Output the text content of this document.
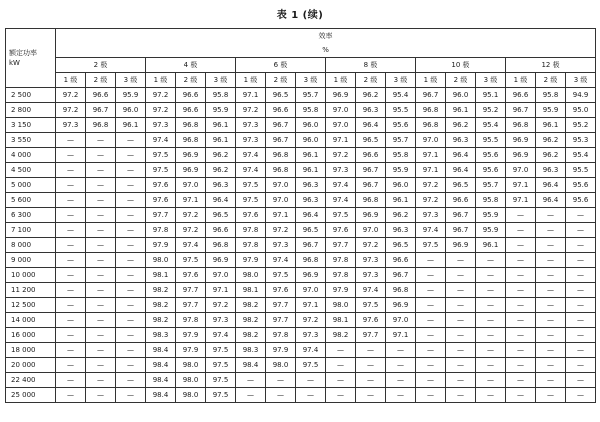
表 1 (续)
额定功率
kW	效率
%																	
	2 极			4 极			6 极			8 极			10 极			12 极		
	1 级	2 级	3 级	1 级	2 级	3 级	1 级	2 级	3 级	1 级	2 级	3 级	1 级	2 级	3 级	1 级	2 级	3 级
2 500	97.2	96.6	95.9	97.2	96.6	95.8	97.1	96.5	95.7	96.9	96.2	95.4	96.7	96.0	95.1	96.6	95.8	94.9
2 800	97.2	96.7	96.0	97.2	96.6	95.9	97.2	96.6	95.8	97.0	96.3	95.5	96.8	96.1	95.2	96.7	95.9	95.0
3 150	97.3	96.8	96.1	97.3	96.8	96.1	97.3	96.7	96.0	97.0	96.4	95.6	96.8	96.2	95.4	96.8	96.1	95.2
3 550	—	—	—	97.4	96.8	96.1	97.3	96.7	96.0	97.1	96.5	95.7	97.0	96.3	95.5	96.9	96.2	95.3
4 000	—	—	—	97.5	96.9	96.2	97.4	96.8	96.1	97.2	96.6	95.8	97.1	96.4	95.6	96.9	96.2	95.4
4 500	—	—	—	97.5	96.9	96.2	97.4	96.8	96.1	97.3	96.7	95.9	97.1	96.4	95.6	97.0	96.3	95.5
5 000	—	—	—	97.6	97.0	96.3	97.5	97.0	96.3	97.4	96.7	96.0	97.2	96.5	95.7	97.1	96.4	95.6
5 600	—	—	—	97.6	97.1	96.4	97.5	97.0	96.3	97.4	96.8	96.1	97.2	96.6	95.8	97.1	96.4	95.6
6 300	—	—	—	97.7	97.2	96.5	97.6	97.1	96.4	97.5	96.9	96.2	97.3	96.7	95.9	—	—	—
7 100	—	—	—	97.8	97.2	96.6	97.8	97.2	96.5	97.6	97.0	96.3	97.4	96.7	95.9	—	—	—
8 000	—	—	—	97.9	97.4	96.8	97.8	97.3	96.7	97.7	97.2	96.5	97.5	96.9	96.1	—	—	—
9 000	—	—	—	98.0	97.5	96.9	97.9	97.4	96.8	97.8	97.3	96.6	—	—	—	—	—	—
10 000	—	—	—	98.1	97.6	97.0	98.0	97.5	96.9	97.8	97.3	96.7	—	—	—	—	—	—
11 200	—	—	—	98.2	97.7	97.1	98.1	97.6	97.0	97.9	97.4	96.8	—	—	—	—	—	—
12 500	—	—	—	98.2	97.7	97.2	98.2	97.7	97.1	98.0	97.5	96.9	—	—	—	—	—	—
14 000	—	—	—	98.2	97.8	97.3	98.2	97.7	97.2	98.1	97.6	97.0	—	—	—	—	—	—
16 000	—	—	—	98.3	97.9	97.4	98.2	97.8	97.3	98.2	97.7	97.1	—	—	—	—	—	—
18 000	—	—	—	98.4	97.9	97.5	98.3	97.9	97.4	—	—	—	—	—	—	—	—	—
20 000	—	—	—	98.4	98.0	97.5	98.4	98.0	97.5	—	—	—	—	—	—	—	—	—
22 400	—	—	—	98.4	98.0	97.5	—	—	—	—	—	—	—	—	—	—	—	—
25 000	—	—	—	98.4	98.0	97.5	—	—	—	—	—	—	—	—	—	—	—	—
